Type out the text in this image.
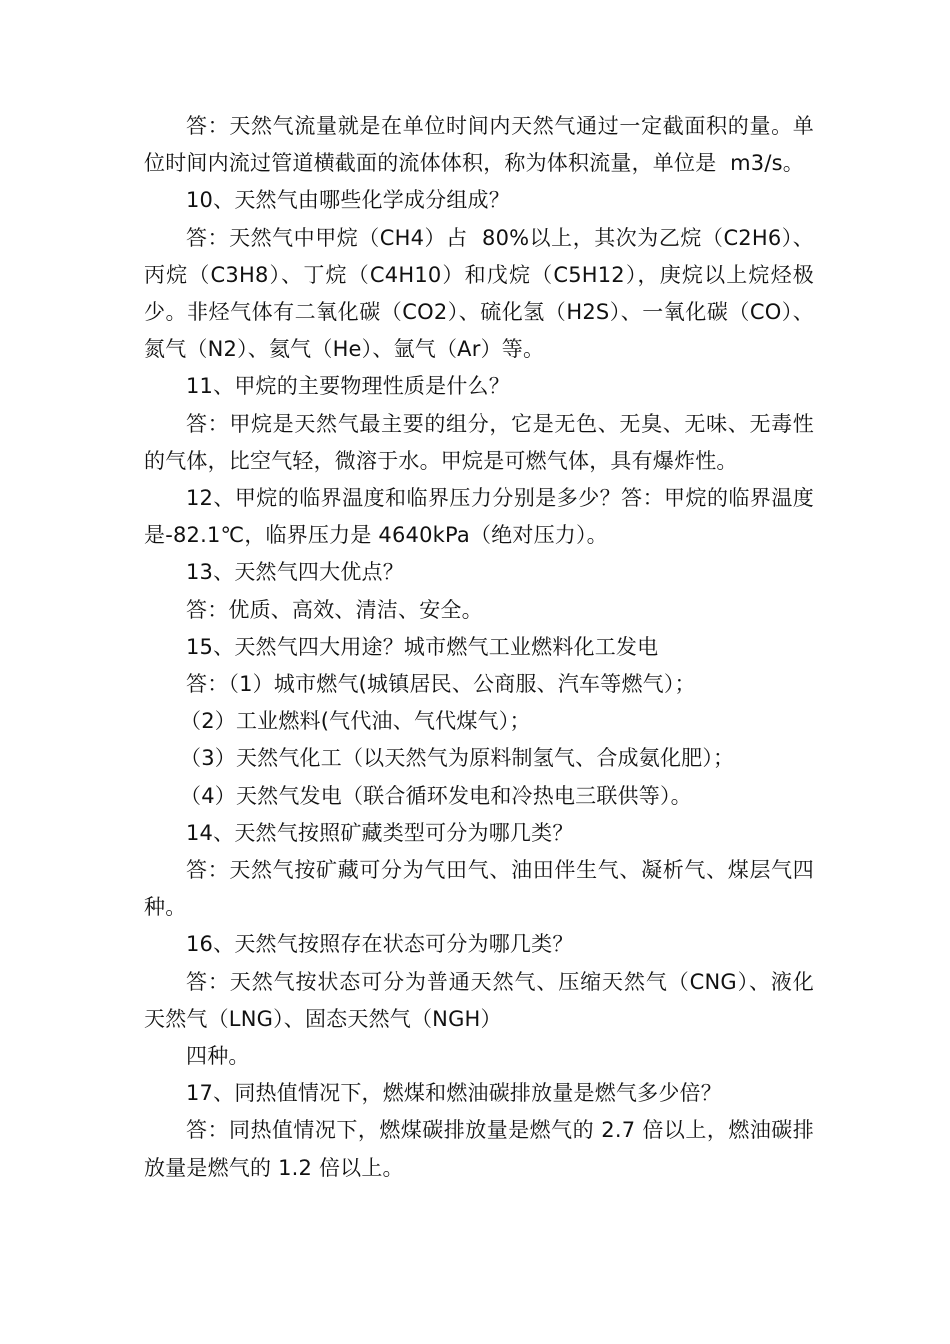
答：天然气流量就是在单位时间内天然气通过一定截面积的量。单位时间内流过管道横截面的流体体积，称为体积流量，单位是  m3/s。

10、天然气由哪些化学成分组成？

答：天然气中甲烷（CH4）占  80%以上，其次为乙烷（C2H6）、丙烷（C3H8）、丁烷（C4H10）和戊烷（C5H12），庚烷以上烷烃极少。非烃气体有二氧化碳（CO2）、硫化氢（H2S）、一氧化碳（CO）、氮气（N2）、氦气（He）、氩气（Ar）等。

11、甲烷的主要物理性质是什么？

答：甲烷是天然气最主要的组分，它是无色、无臭、无味、无毒性的气体，比空气轻，微溶于水。甲烷是可燃气体，具有爆炸性。

12、甲烷的临界温度和临界压力分别是多少？答：甲烷的临界温度是-82.1℃，临界压力是 4640kPa（绝对压力）。

13、天然气四大优点？

答：优质、高效、清洁、安全。

15、天然气四大用途？城市燃气工业燃料化工发电

答：（1）城市燃气(城镇居民、公商服、汽车等燃气）；

（2）工业燃料(气代油、气代煤气）；

（3）天然气化工（以天然气为原料制氢气、合成氨化肥）；

（4）天然气发电（联合循环发电和冷热电三联供等）。

14、天然气按照矿藏类型可分为哪几类？

答：天然气按矿藏可分为气田气、油田伴生气、凝析气、煤层气四种。

16、天然气按照存在状态可分为哪几类？

答：天然气按状态可分为普通天然气、压缩天然气（CNG）、液化天然气（LNG）、固态天然气（NGH）

四种。

17、同热值情况下，燃煤和燃油碳排放量是燃气多少倍？

答：同热值情况下，燃煤碳排放量是燃气的 2.7 倍以上，燃油碳排放量是燃气的 1.2 倍以上。
